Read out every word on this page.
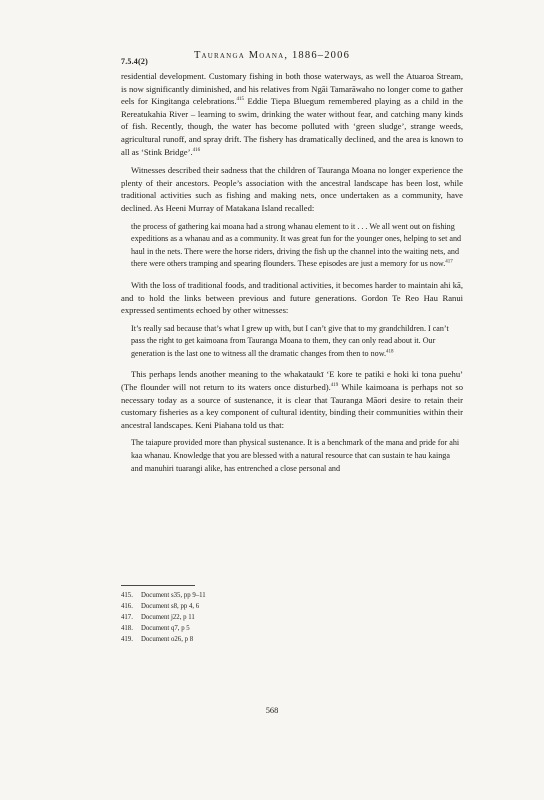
7.5.4(2)
Tauranga Moana, 1886–2006

residential development. Customary fishing in both those waterways, as well the Atuaroa Stream, is now significantly diminished, and his relatives from Ngāi Tamarāwaho no longer come to gather eels for Kingitanga celebrations.$^{415}$ Eddie Tiepa Bluegum remembered playing as a child in the Rereatukahia River – learning to swim, drinking the water without fear, and catching many kinds of fish. Recently, though, the water has become polluted with ‘green sludge’, strange weeds, agricultural runoff, and spray drift. The fishery has dramatically declined, and the area is known to all as ‘Stink Bridge’.$^{416}$

Witnesses described their sadness that the children of Tauranga Moana no longer experience the plenty of their ancestors. People’s association with the ancestral landscape has been lost, while traditional activities such as fishing and making nets, once undertaken as a community, have declined. As Heeni Murray of Matakana Island recalled:

the process of gathering kai moana had a strong whanau element to it . . . We all went out on fishing expeditions as a whanau and as a community. It was great fun for the younger ones, helping to set and haul in the nets. There were the horse riders, driving the fish up the channel into the waiting nets, and there were others tramping and spearing flounders. These episodes are just a memory for us now.$^{417}$

With the loss of traditional foods, and traditional activities, it becomes harder to maintain ahi kā, and to hold the links between previous and future generations. Gordon Te Reo Hau Ranui expressed sentiments echoed by other witnesses:

It’s really sad because that’s what I grew up with, but I can’t give that to my grandchildren. I can’t pass the right to get kaimoana from Tauranga Moana to them, they can only read about it. Our generation is the last one to witness all the dramatic changes from then to now.$^{418}$

This perhaps lends another meaning to the whakataukī ‘E kore te patiki e hoki ki tona puehu’ (The flounder will not return to its waters once disturbed).$^{419}$ While kaimoana is perhaps not so necessary today as a source of sustenance, it is clear that Tauranga Māori desire to retain their customary fisheries as a key component of cultural identity, binding their communities within their ancestral landscapes. Keni Piahana told us that:

The taiapure provided more than physical sustenance. It is a benchmark of the mana and pride for ahi kaa whanau. Knowledge that you are blessed with a natural resource that can sustain te hau kainga and manuhiri tuarangi alike, has entrenched a close personal and
415. Document s35, pp 9–11
416. Document s8, pp 4, 6
417. Document j22, p 11
418. Document q7, p 5
419. Document o26, p 8
568
